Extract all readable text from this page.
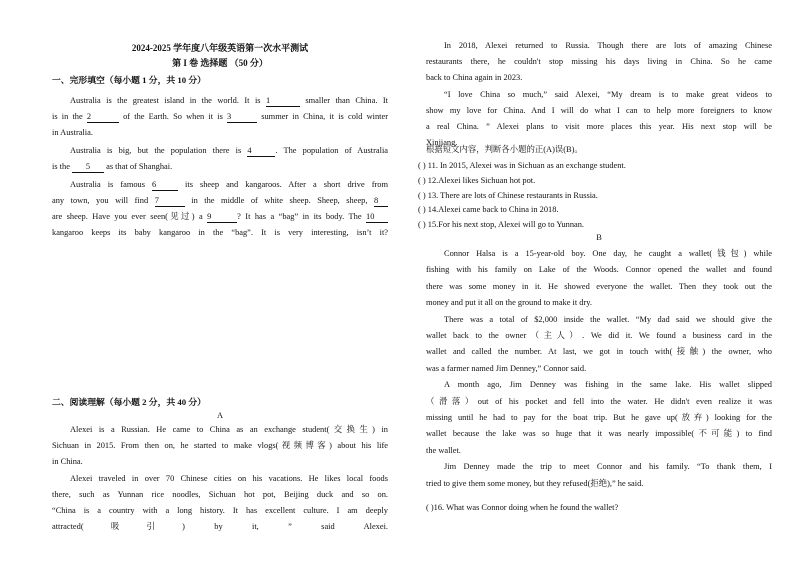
2024-2025 学年度八年级英语第一次水平测试
第 I 卷 选择题 （50 分）
一、完形填空（每小题 1 分，共 10 分）
Australia is the greatest island in the world. It is 1	smaller than China. It
is in the 2	of the Earth. So when it is 3	summer in China, it is cold winter
in Australia.
Australia is big, but the population there is 4	. The population of Australia
is the 5 as that of Shanghai.
Australia is famous 6	its sheep and kangaroos. After a short drive from
any town, you will find 7	in the middle of white sheep. Sheep, sheep, 8
are sheep. Have you ever seen(见过) a 9	? It has a “bag” in its body. The 10
kangaroo keeps its baby kangaroo in the “bag”. It is very interesting, isn’t it?
二、阅读理解（每小题 2 分，共 40 分）
A
Alexei is a Russian. He came to China as an exchange student(交换生) in
Sichuan in 2015. From then on, he started to make vlogs(视频博客) about his life
in China.
Alexei traveled in over 70 Chinese cities on his vacations. He likes local foods
there, such as Yunnan rice noodles, Sichuan hot pot, Beijing duck and so on.
“China is a country with a long history. It has excellent culture. I am deeply
attracted(吸引) by it, ” said Alexei.
In 2018, Alexei returned to Russia. Though there are lots of amazing Chinese
restaurants there, he couldn't stop missing his days living in China. So he came
back to China again in 2023.
“I love China so much,” said Alexei, “My dream is to make great videos to
show my love for China. And I will do what I can to help more foreigners to know
a real China. ” Alexei plans to visit more places this year. His next stop will be
Xinjiang.
根据短文内容，判断各小题的正(A)误(B)。
( ) 11. In 2015, Alexei was in Sichuan as an exchange student.
( ) 12.Alexei likes Sichuan hot pot.
( ) 13. There are lots of Chinese restaurants in Russia.
( ) 14.Alexei came back to China in 2018.
( ) 15.For his next stop, Alexei will go to Yunnan.
B
Connor Halsa is a 15-year-old boy. One day, he caught a wallet(钱包) while
fishing with his family on Lake of the Woods. Connor opened the wallet and found
there was some money in it. He showed everyone the wallet. Then they took out the
money and put it all on the ground to make it dry.
There was a total of $2,000 inside the wallet. “My dad said we should give the
wallet back to the owner（主人）. We did it. We found a business card in the
wallet and called the number. At last, we got in touch with(接触) the owner, who
was a farmer named Jim Denney,” Connor said.
A month ago, Jim Denney was fishing in the same lake. His wallet slipped
（滑落）out of his pocket and fell into the water. He didn't even realize it was
missing until he had to pay for the boat trip. But he gave up(放弃) looking for the
wallet because the lake was so huge that it was nearly impossible(不可能) to find
the wallet.
Jim Denney made the trip to meet Connor and his family. “To thank them, I
tried to give them some money, but they refused(拒绝),” he said.
( )16. What was Connor doing when he found the wallet?
